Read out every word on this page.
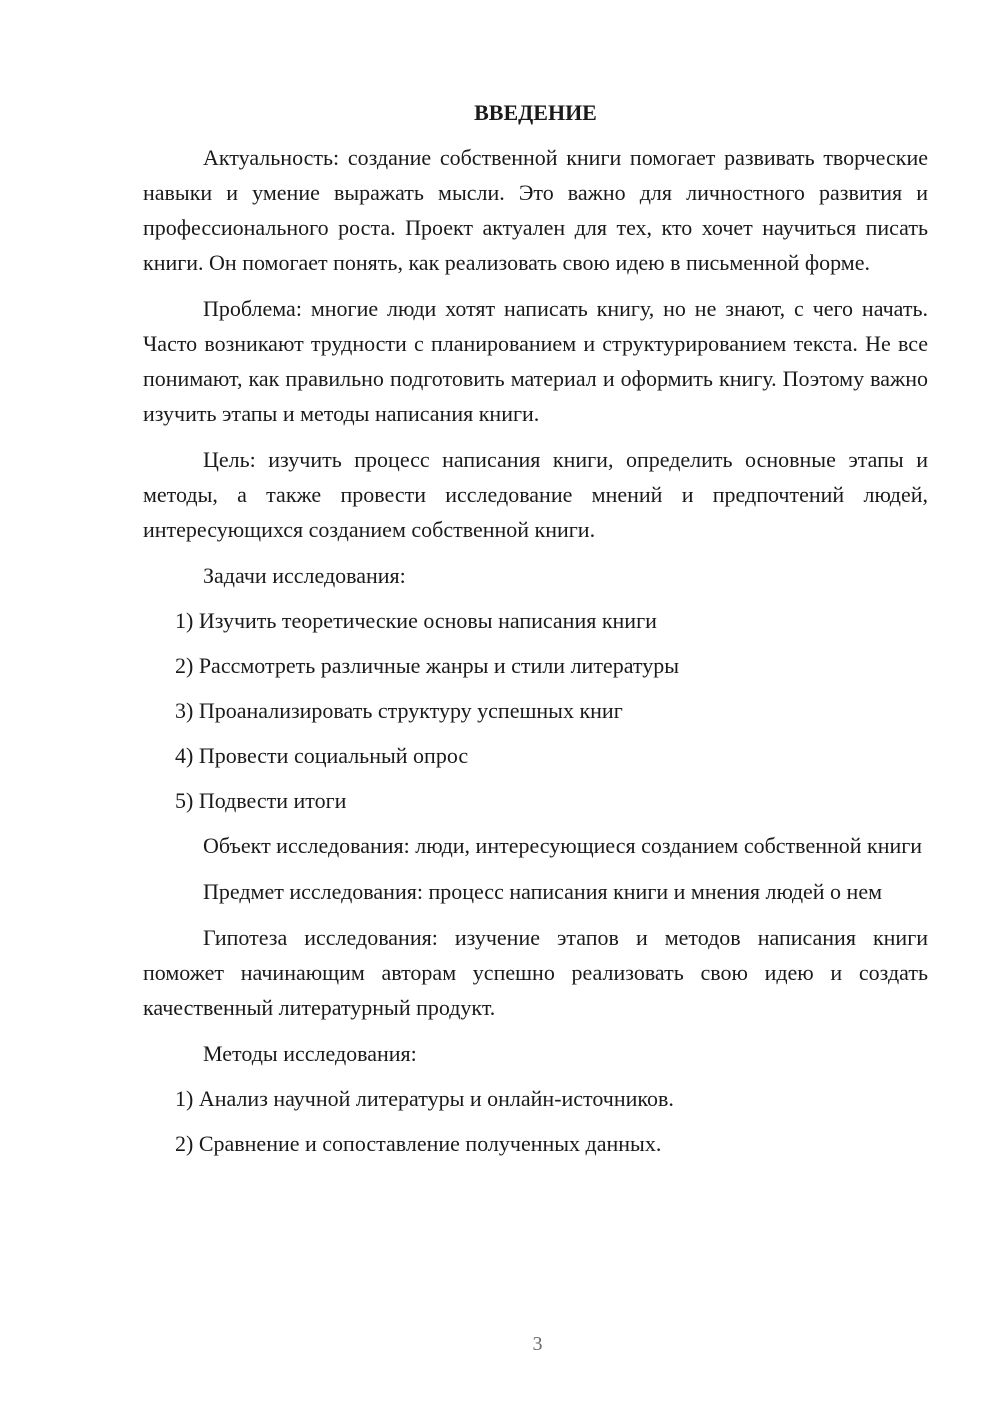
ВВЕДЕНИЕ

Актуальность: создание собственной книги помогает развивать творческие навыки и умение выражать мысли. Это важно для личностного развития и профессионального роста. Проект актуален для тех, кто хочет научиться писать книги. Он помогает понять, как реализовать свою идею в письменной форме.

Проблема: многие люди хотят написать книгу, но не знают, с чего начать. Часто возникают трудности с планированием и структурированием текста. Не все понимают, как правильно подготовить материал и оформить книгу. Поэтому важно изучить этапы и методы написания книги.

Цель: изучить процесс написания книги, определить основные этапы и методы, а также провести исследование мнений и предпочтений людей, интересующихся созданием собственной книги.

Задачи исследования:

1) Изучить теоретические основы написания книги

2) Рассмотреть различные жанры и стили литературы

3) Проанализировать структуру успешных книг

4) Провести социальный опрос

5) Подвести итоги

Объект исследования: люди, интересующиеся созданием собственной книги

Предмет исследования: процесс написания книги и мнения людей о нем

Гипотеза исследования: изучение этапов и методов написания книги поможет начинающим авторам успешно реализовать свою идею и создать качественный литературный продукт.

Методы исследования:

1) Анализ научной литературы и онлайн-источников.

2) Сравнение и сопоставление полученных данных.

3
